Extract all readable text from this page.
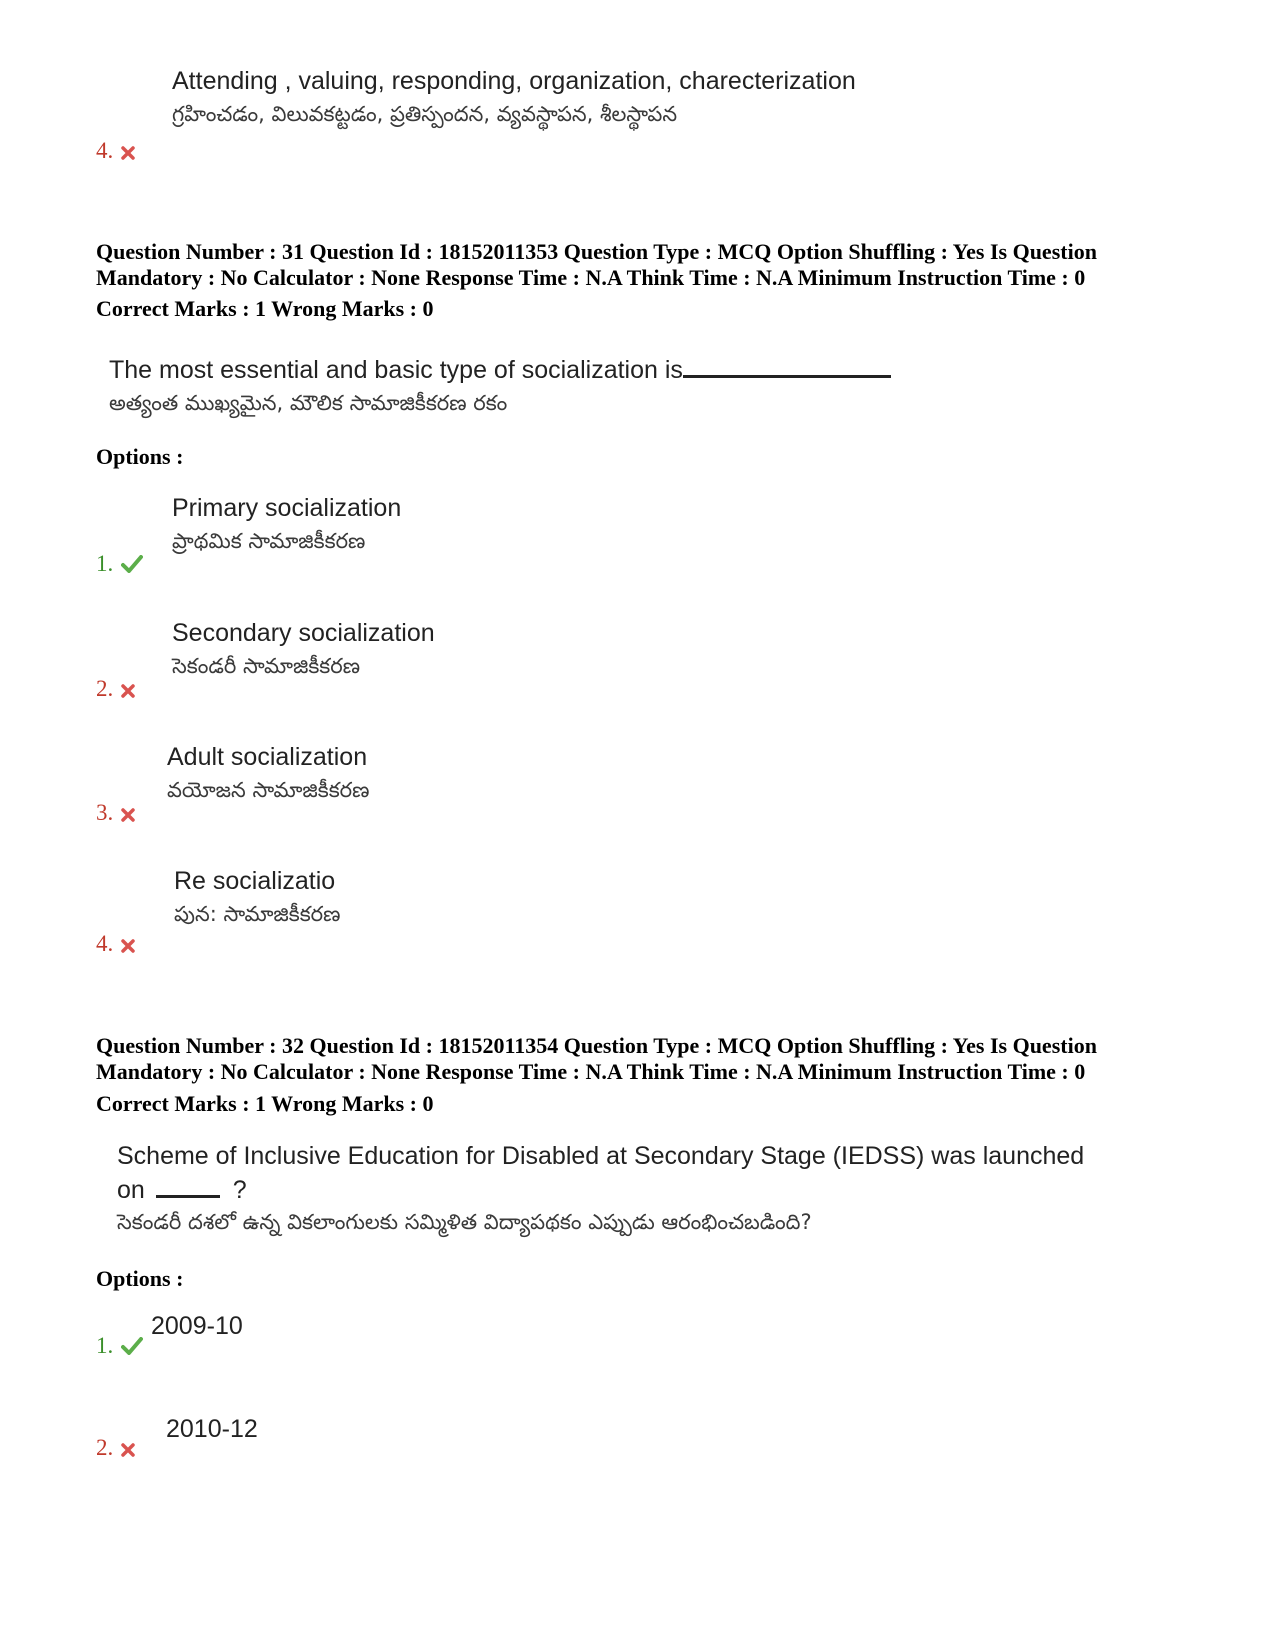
Attending , valuing, responding, organization, charecterization
గ్రహించడం, విలువకట్టడం, ప్రతిస్పందన, వ్యవస్థాపన, శీలస్థాపన
4.
Question Number : 31 Question Id : 18152011353 Question Type : MCQ Option Shuffling : Yes Is Question
Mandatory : No Calculator : None Response Time : N.A Think Time : N.A Minimum Instruction Time : 0
Correct Marks : 1 Wrong Marks : 0
The most essential and basic type of socialization is
అత్యంత ముఖ్యమైన, మౌలిక సామాజికీకరణ రకం
Options :
Primary socialization
ప్రాథమిక సామాజికీకరణ
1.
Secondary socialization
సెకండరీ సామాజికీకరణ
2.
Adult socialization
వయోజన సామాజికీకరణ
3.
Re socializatio
పున: సామాజికీకరణ
4.
Question Number : 32 Question Id : 18152011354 Question Type : MCQ Option Shuffling : Yes Is Question
Mandatory : No Calculator : None Response Time : N.A Think Time : N.A Minimum Instruction Time : 0
Correct Marks : 1 Wrong Marks : 0
Scheme of Inclusive Education for Disabled at Secondary Stage (IEDSS) was launched
on	?
సెకండరీ దశలో ఉన్న వికలాంగులకు సమ్మిళిత విద్యాపథకం ఎప్పుడు ఆరంభించబడింది?
Options :
2009-10
1.
2010-12
2.
